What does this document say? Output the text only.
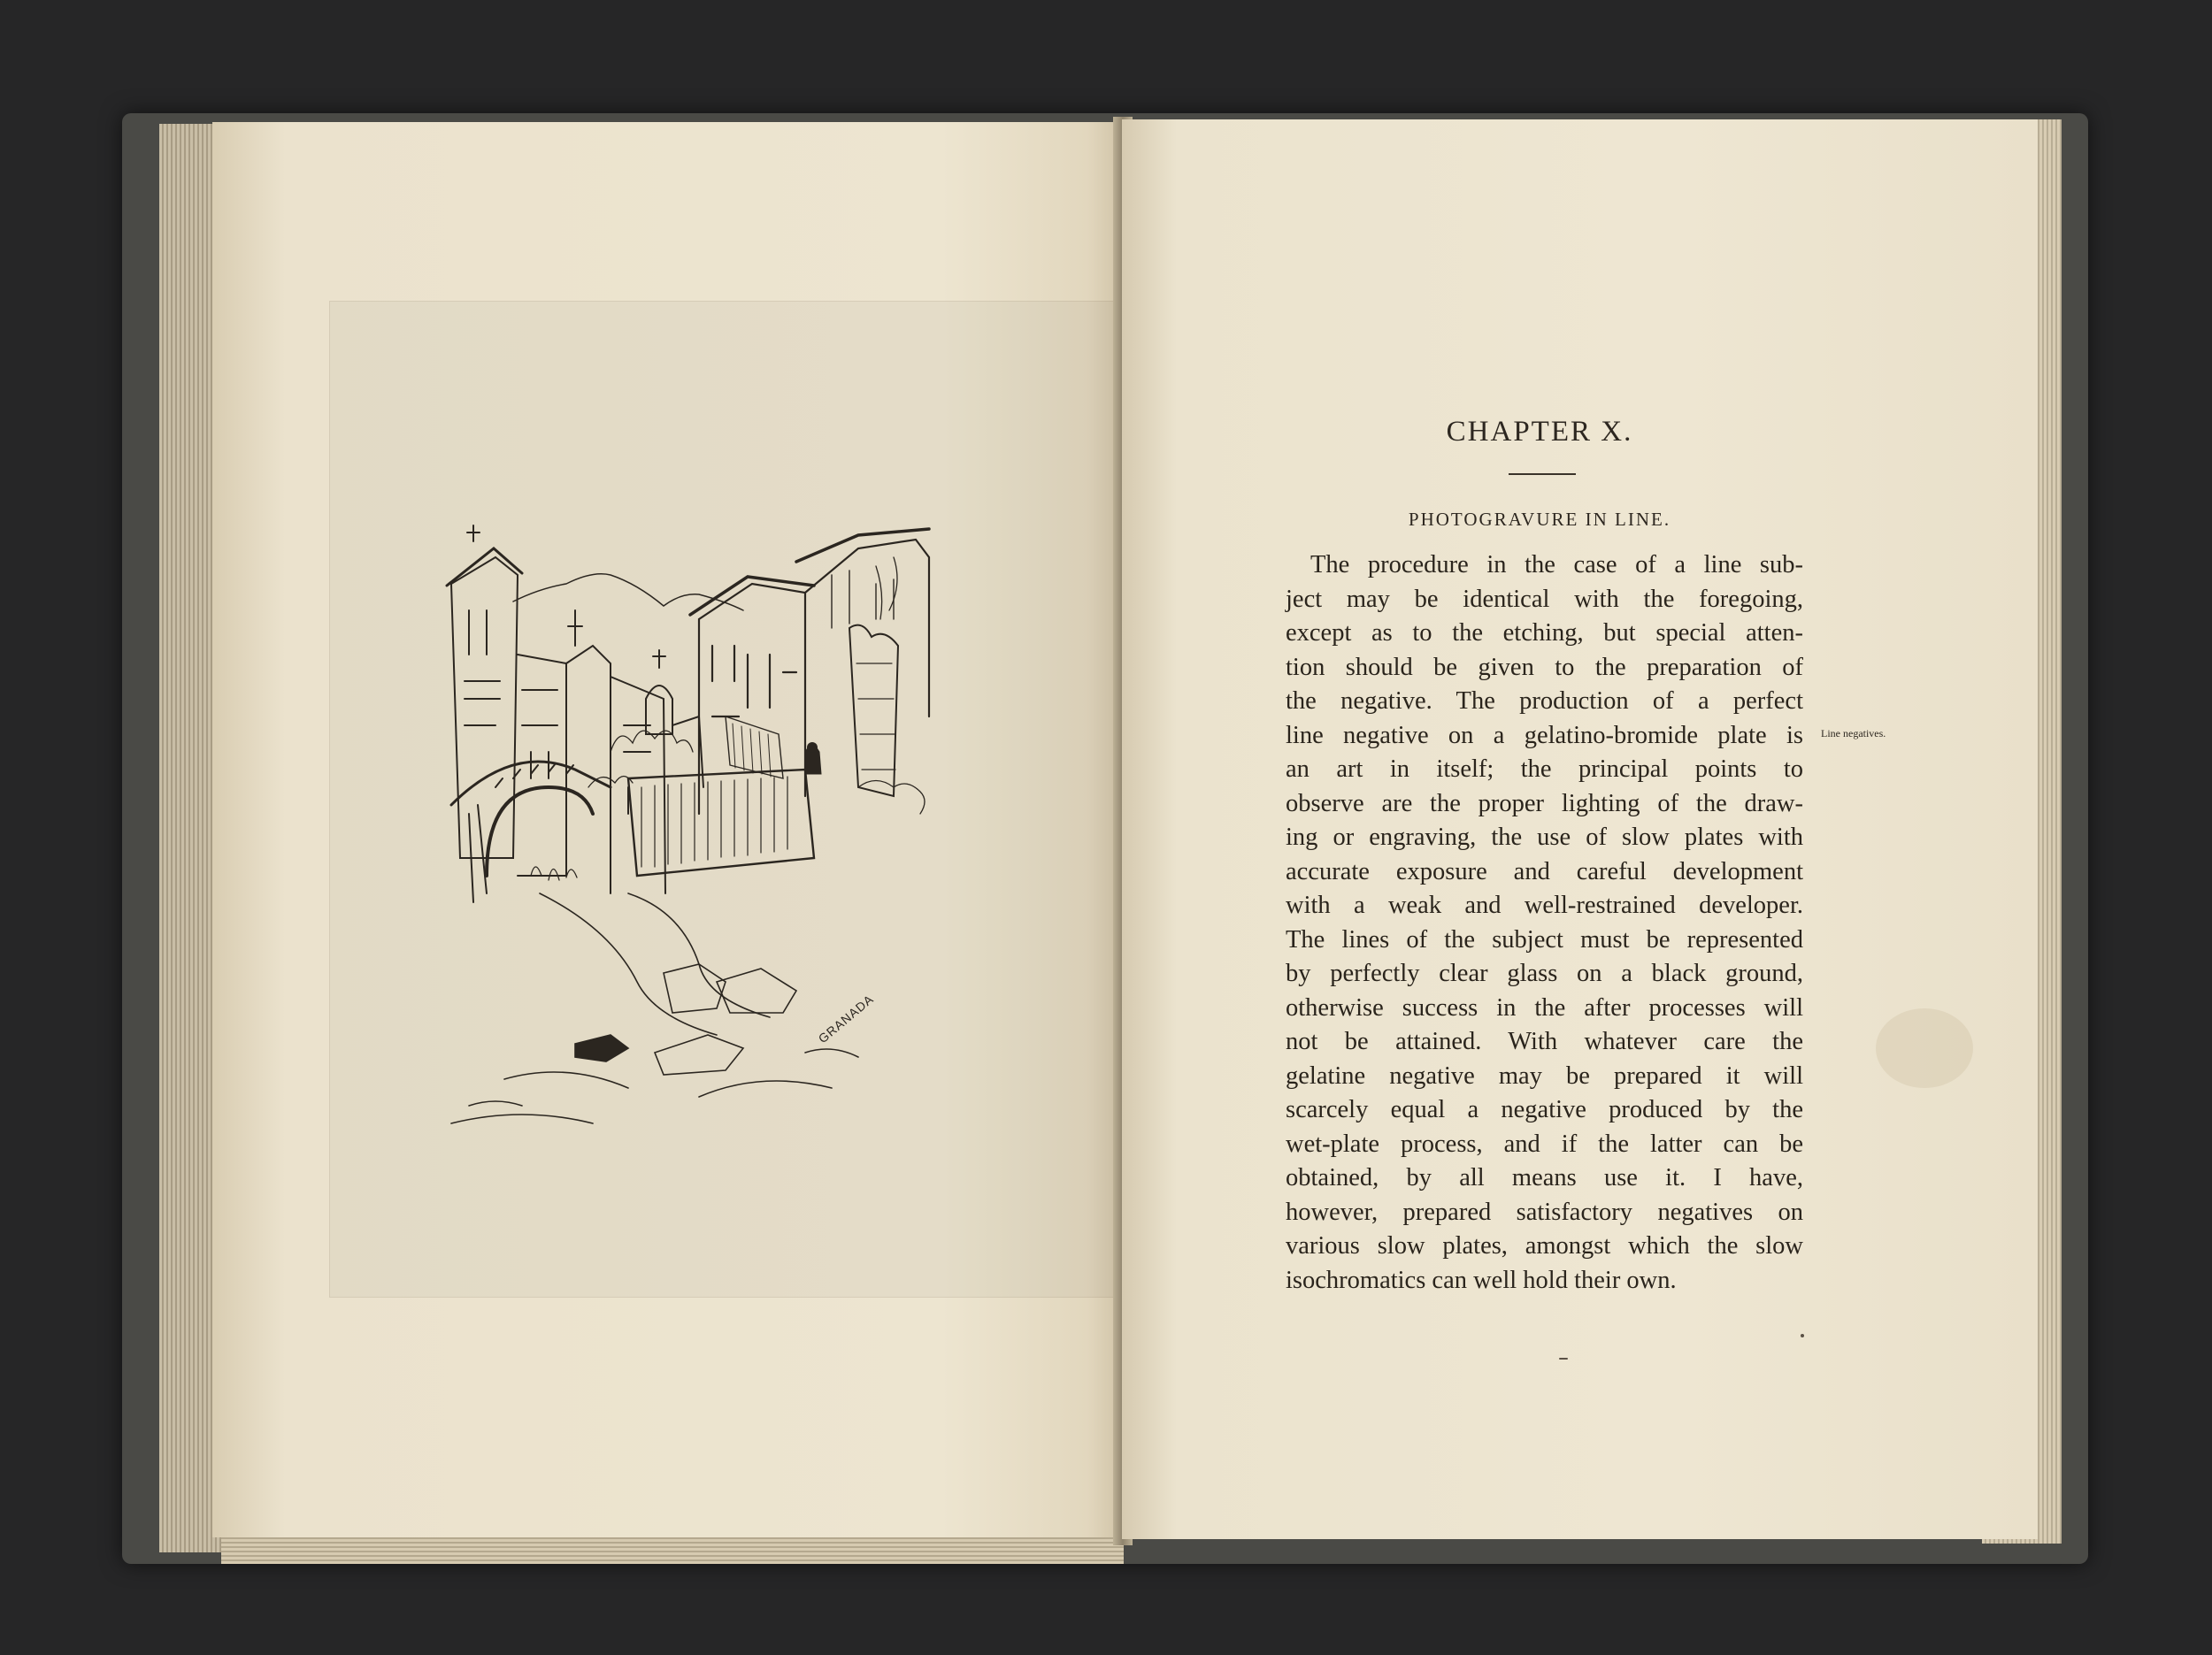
GRANADA
CHAPTER X.
PHOTOGRAVURE IN LINE.
The procedure in the case of a line sub-
ject may be identical with the foregoing,
except as to the etching, but special atten-
tion should be given to the preparation of
the negative. The production of a perfect
line negative on a gelatino-bromide plate is
an art in itself; the principal points to
observe are the proper lighting of the draw-
ing or engraving, the use of slow plates with
accurate exposure and careful development
with a weak and well-restrained developer.
The lines of the subject must be represented
by perfectly clear glass on a black ground,
otherwise success in the after processes will
not be attained. With whatever care the
gelatine negative may be prepared it will
scarcely equal a negative produced by the
wet-plate process, and if the latter can be
obtained, by all means use it. I have,
however, prepared satisfactory negatives on
various slow plates, amongst which the slow
isochromatics can well hold their own.
Line negatives.
